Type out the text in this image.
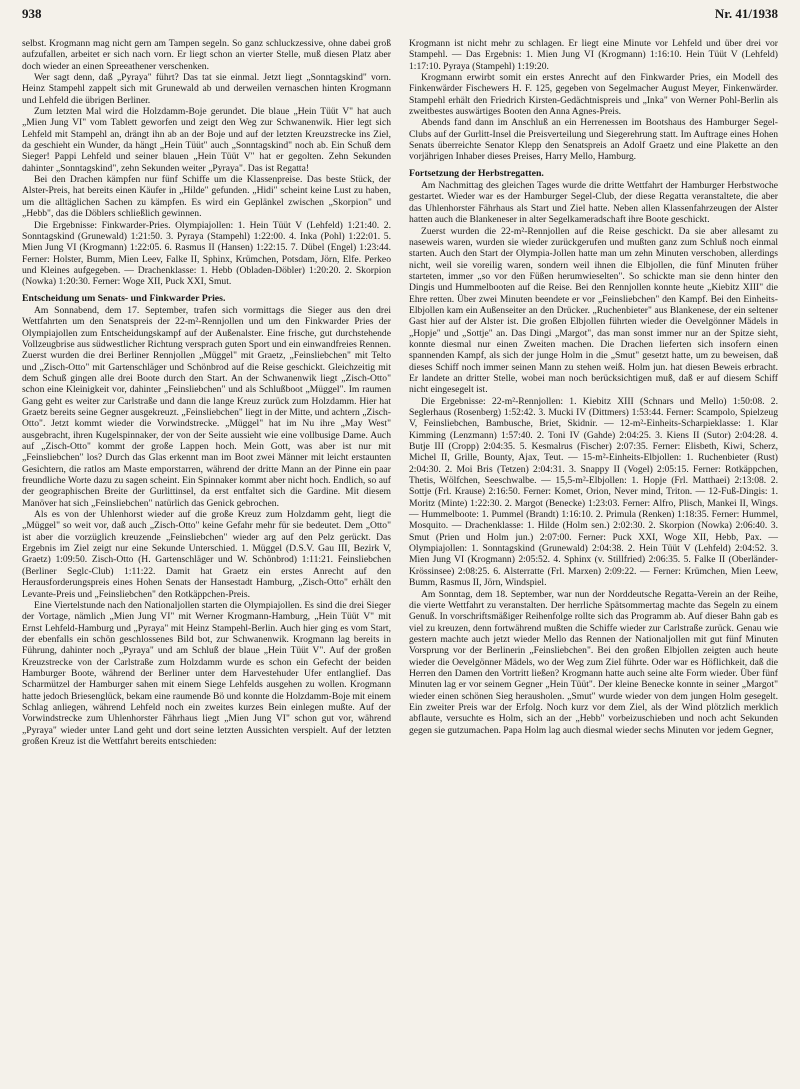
938	Nr. 41/1938

selbst. Krogmann mag nicht gern am Tampen segeln. So ganz schluckzessive, ohne dabei groß aufzufallen, arbeitet er sich nach vorn. Er liegt schon an vierter Stelle, muß diesen Platz aber doch wieder an einen Spreeathener verschenken.

Wer sagt denn, daß „Pyraya" führt? Das tat sie einmal. Jetzt liegt „Sonntagskind" vorn. Heinz Stampehl zappelt sich mit Grunewald ab und derweilen vernaschen hinten Krogmann und Lehfeld die übrigen Berliner.

Zum letzten Mal wird die Holzdamm-Boje gerundet. Die blaue „Hein Tüüt V" hat auch „Mien Jung VI" vom Tablett geworfen und zeigt den Weg zur Schwanenwik. Hier legt sich Lehfeld mit Stampehl an, drängt ihn ab an der Boje und auf der letzten Kreuzstrecke ins Ziel, da geschieht ein Wunder, da hängt „Hein Tüüt" auch „Sonntagskind" noch ab. Ein Schuß dem Sieger! Pappi Lehfeld und seiner blauen „Hein Tüüt V" hat er gegolten. Zehn Sekunden dahinter „Sonntagskind", zehn Sekunden weiter „Pyraya". Das ist Regatta!

Bei den Drachen kämpfen nur fünf Schiffe um die Klassenpreise. Das beste Stück, der Alster-Preis, hat bereits einen Käufer in „Hilde" gefunden. „Hidi" scheint keine Lust zu haben, um die alltäglichen Sachen zu kämpfen. Es wird ein Geplänkel zwischen „Skorpion" und „Hebb", das die Döblers schließlich gewinnen.

Die Ergebnisse: Finkwarder-Pries. Olympiajollen: 1. Hein Tüüt V (Lehfeld) 1:21:40. 2. Sonntagskind (Grunewald) 1:21:50. 3. Pyraya (Stampehl) 1:22:00. 4. Inka (Pohl) 1:22:01. 5. Mien Jung VI (Krogmann) 1:22:05. 6. Rasmus II (Hansen) 1:22:15. 7. Dübel (Engel) 1:23:44. Ferner: Holster, Bumm, Mien Leev, Falke II, Sphinx, Krümchen, Potsdam, Jörn, Elfe. Perkeo und Kleines aufgegeben. — Drachenklasse: 1. Hebb (Obladen-Döbler) 1:20:20. 2. Skorpion (Nowka) 1:20:30. Ferner: Woge XII, Puck XXI, Smut.

Entscheidung um Senats- und Finkwarder Pries.

Am Sonnabend, dem 17. September, trafen sich vormittags die Sieger aus den drei Wettfahrten um den Senatspreis der 22-m²-Rennjollen und um den Finkwarder Pries der Olympiajollen zum Entscheidungskampf auf der Außenalster. Eine frische, gut durchstehende Vollzeugbrise aus südwestlicher Richtung versprach guten Sport und ein einwandfreies Rennen. Zuerst wurden die drei Berliner Rennjollen „Müggel" mit Graetz, „Feinsliebchen" mit Telto und „Zisch-Otto" mit Gartenschläger und Schönbrod auf die Reise geschickt. Gleichzeitig mit dem Schuß gingen alle drei Boote durch den Start. An der Schwanenwik liegt „Zisch-Otto" schon eine Kleinigkeit vor, dahinter „Feinsliebchen" und als Schlußboot „Müggel". Im raumen Gang geht es weiter zur Carlstraße und dann die lange Kreuz zurück zum Holzdamm. Hier hat Graetz bereits seine Gegner ausgekreuzt. „Feinsliebchen" liegt in der Mitte, und achtern „Zisch-Otto". Jetzt kommt wieder die Vorwindstrecke. „Müggel" hat im Nu ihre „May West" ausgebracht, ihren Kugelspinnaker, der von der Seite aussieht wie eine vollbusige Dame. Auch auf „Zisch-Otto" kommt der große Lappen hoch. Mein Gott, was aber ist nur mit „Feinsliebchen" los? Durch das Glas erkennt man im Boot zwei Männer mit leicht erstaunten Gesichtern, die ratlos am Maste emporstarren, während der dritte Mann an der Pinne ein paar freundliche Worte dazu zu sagen scheint. Ein Spinnaker kommt aber nicht hoch. Endlich, so auf der geographischen Breite der Gurlittinsel, da erst entfaltet sich die Gardine. Mit diesem Manöver hat sich „Feinsliebchen" natürlich das Genick gebrochen.

Als es von der Uhlenhorst wieder auf die große Kreuz zum Holzdamm geht, liegt die „Müggel" so weit vor, daß auch „Zisch-Otto" keine Gefahr mehr für sie bedeutet. Dem „Otto" ist aber die vorzüglich kreuzende „Feinsliebchen" wieder arg auf den Pelz gerückt. Das Ergebnis im Ziel zeigt nur eine Sekunde Unterschied. 1. Müggel (D.S.V. Gau III, Bezirk V, Graetz) 1:09:50. Zisch-Otto (H. Gartenschläger und W. Schönbrod) 1:11:21. Feinsliebchen (Berliner Seglc-Club) 1:11:22. Damit hat Graetz ein erstes Anrecht auf den Herausforderungspreis eines Hohen Senats der Hansestadt Hamburg, „Zisch-Otto" erhält den Levante-Preis und „Feinsliebchen" den Rotkäppchen-Preis.

Eine Viertelstunde nach den Nationaljollen starten die Olympiajollen. Es sind die drei Sieger der Vortage, nämlich „Mien Jung VI" mit Werner Krogmann-Hamburg, „Hein Tüüt V" mit Ernst Lehfeld-Hamburg und „Pyraya" mit Heinz Stampehl-Berlin. Auch hier ging es vom Start, der ebenfalls ein schön geschlossenes Bild bot, zur Schwanenwik. Krogmann lag bereits in Führung, dahinter noch „Pyraya" und am Schluß der blaue „Hein Tüüt V". Auf der großen Kreuzstrecke von der Carlstraße zum Holzdamm wurde es schon ein Gefecht der beiden Hamburger Boote, während der Berliner unter dem Harvestehuder Ufer entlanglief. Das Scharmützel der Hamburger sahen mit einem Siege Lehfelds ausgehen zu wollen. Krogmann hatte jedoch Briesenglück, bekam eine raumende Bö und konnte die Holzdamm-Boje mit einem Schlag anliegen, während Lehfeld noch ein zweites kurzes Bein einlegen mußte. Auf der Vorwindstrecke zum Uhlenhorster Fährhaus liegt „Mien Jung VI" schon gut vor, während „Pyraya" wieder unter Land geht und dort seine letzten Aussichten verspielt. Auf der letzten großen Kreuz ist die Wettfahrt bereits entschieden:

Krogmann ist nicht mehr zu schlagen. Er liegt eine Minute vor Lehfeld und über drei vor Stampehl. — Das Ergebnis: 1. Mien Jung VI (Krogmann) 1:16:10. Hein Tüüt V (Lehfeld) 1:17:10. Pyraya (Stampehl) 1:19:20.

Krogmann erwirbt somit ein erstes Anrecht auf den Finkwarder Pries, ein Modell des Finkenwärder Fischewers H. F. 125, gegeben von Segelmacher August Meyer, Finkenwärder. Stampehl erhält den Friedrich Kirsten-Gedächtnispreis und „Inka" von Werner Pohl-Berlin als zweitbestes auswärtiges Booten den Anna Agnes-Preis.

Abends fand dann im Anschluß an ein Herrenessen im Bootshaus des Hamburger Segel-Clubs auf der Gurlitt-Insel die Preisverteilung und Siegerehrung statt. Im Auftrage eines Hohen Senats überreichte Senator Klepp den Senatspreis an Adolf Graetz und eine Plakette an den vorjährigen Inhaber dieses Preises, Harry Mello, Hamburg.

Fortsetzung der Herbstregatten.

Am Nachmittag des gleichen Tages wurde die dritte Wettfahrt der Hamburger Herbstwoche gestartet. Wieder war es der Hamburger Segel-Club, der diese Regatta veranstaltete, die aber das Uhlenhorster Fährhaus als Start und Ziel hatte. Neben allen Klassenfahrzeugen der Alster hatten auch die Blankeneser in alter Segelkameradschaft ihre Boote geschickt.

Zuerst wurden die 22-m²-Rennjollen auf die Reise geschickt. Da sie aber allesamt zu naseweis waren, wurden sie wieder zurückgerufen und mußten ganz zum Schluß noch einmal starten. Auch den Start der Olympia-Jollen hatte man um zehn Minuten verschoben, allerdings nicht, weil sie voreilig waren, sondern weil ihnen die Elbjollen, die fünf Minuten früher starteten, immer „so vor den Füßen herumwieselten". So schickte man sie denn hinter den Dingis und Hummelbooten auf die Reise. Bei den Rennjollen konnte heute „Kiebitz XIII" die Ehre retten. Über zwei Minuten beendete er vor „Feinsliebchen" den Kampf. Bei den Einheits-Elbjollen kam ein Außenseiter an den Drücker. „Ruchenbieter" aus Blankenese, der ein seltener Gast hier auf der Alster ist. Die großen Elbjollen führten wieder die Oevelgönner Mädels in „Hopje" und „Sottje" an. Das Dingi „Margot", das man sonst immer nur an der Spitze sieht, konnte diesmal nur einen Zweiten machen. Die Drachen lieferten sich insofern einen spannenden Kampf, als sich der junge Holm in die „Smut" gesetzt hatte, um zu beweisen, daß dieses Schiff noch immer seinen Mann zu stehen weiß. Holm jun. hat diesen Beweis erbracht. Er landete an dritter Stelle, wobei man noch berücksichtigen muß, daß er auf diesem Schiff nicht eingesegelt ist.

Die Ergebnisse: 22-m²-Rennjollen: 1. Kiebitz XIII (Schnars und Mello) 1:50:08. 2. Seglerhaus (Rosenberg) 1:52:42. 3. Mucki IV (Dittmers) 1:53:44. Ferner: Scampolo, Spielzeug V, Feinsliebchen, Bambusche, Briet, Skidnir. — 12-m²-Einheits-Scharpieklasse: 1. Klar Kimming (Lenzmann) 1:57:40. 2. Toni IV (Gahde) 2:04:25. 3. Kiens II (Sutor) 2:04:28. 4. Butje III (Cropp) 2:04:35. 5. Kesmalrus (Fischer) 2:07:35. Ferner: Elisbeth, Kiwi, Scherz, Michel II, Grille, Bounty, Ajax, Teut. — 15-m²-Einheits-Elbjollen: 1. Ruchenbieter (Rust) 2:04:30. 2. Moi Bris (Tetzen) 2:04:31. 3. Snappy II (Vogel) 2:05:15. Ferner: Rotkäppchen, Thetis, Wölfchen, Seeschwalbe. — 15,5-m²-Elbjollen: 1. Hopje (Frl. Matthaei) 2:13:08. 2. Sottje (Frl. Krause) 2:16:50. Ferner: Komet, Orion, Never mind, Triton. — 12-Fuß-Dingis: 1. Moritz (Minte) 1:22:30. 2. Margot (Benecke) 1:23:03. Ferner: Alfro, Plisch, Mankei II, Wings. — Hummelboote: 1. Pummel (Brandt) 1:16:10. 2. Primula (Renken) 1:18:35. Ferner: Hummel, Mosquito. — Drachenklasse: 1. Hilde (Holm sen.) 2:02:30. 2. Skorpion (Nowka) 2:06:40. 3. Smut (Prien und Holm jun.) 2:07:00. Ferner: Puck XXI, Woge XII, Hebb, Pax. — Olympiajollen: 1. Sonntagskind (Grunewald) 2:04:38. 2. Hein Tüüt V (Lehfeld) 2:04:52. 3. Mien Jung VI (Krogmann) 2:05:52. 4. Sphinx (v. Stillfried) 2:06:35. 5. Falke II (Oberländer-Krössinsee) 2:08:25. 6. Alsterratte (Frl. Marxen) 2:09:22. — Ferner: Krümchen, Mien Leew, Bumm, Rasmus II, Jörn, Windspiel.

Am Sonntag, dem 18. September, war nun der Norddeutsche Regatta-Verein an der Reihe, die vierte Wettfahrt zu veranstalten. Der herrliche Spätsommertag machte das Segeln zu einem Genuß. In vorschriftsmäßiger Reihenfolge rollte sich das Programm ab. Auf dieser Bahn gab es viel zu kreuzen, denn fortwährend mußten die Schiffe wieder zur Carlstraße zurück. Genau wie gestern machte auch jetzt wieder Mello das Rennen der Nationaljollen mit gut fünf Minuten Vorsprung vor der Berlinerin „Feinsliebchen". Bei den großen Elbjollen zeigten auch heute wieder die Oevelgönner Mädels, wo der Weg zum Ziel führte. Oder war es Höflichkeit, daß die Herren den Damen den Vortritt ließen? Krogmann hatte auch seine alte Form wieder. Über fünf Minuten lag er vor seinem Gegner „Hein Tüüt". Der kleine Benecke konnte in seiner „Margot" wieder einen schönen Sieg herausholen. „Smut" wurde wieder von dem jungen Holm gesegelt. Ein zweiter Preis war der Erfolg. Noch kurz vor dem Ziel, als der Wind plötzlich merklich abflaute, versuchte es Holm, sich an der „Hebb" vorbeizuschieben und noch acht Sekunden gegen sie gutzumachen. Papa Holm lag auch diesmal wieder sechs Minuten vor jedem Gegner,
